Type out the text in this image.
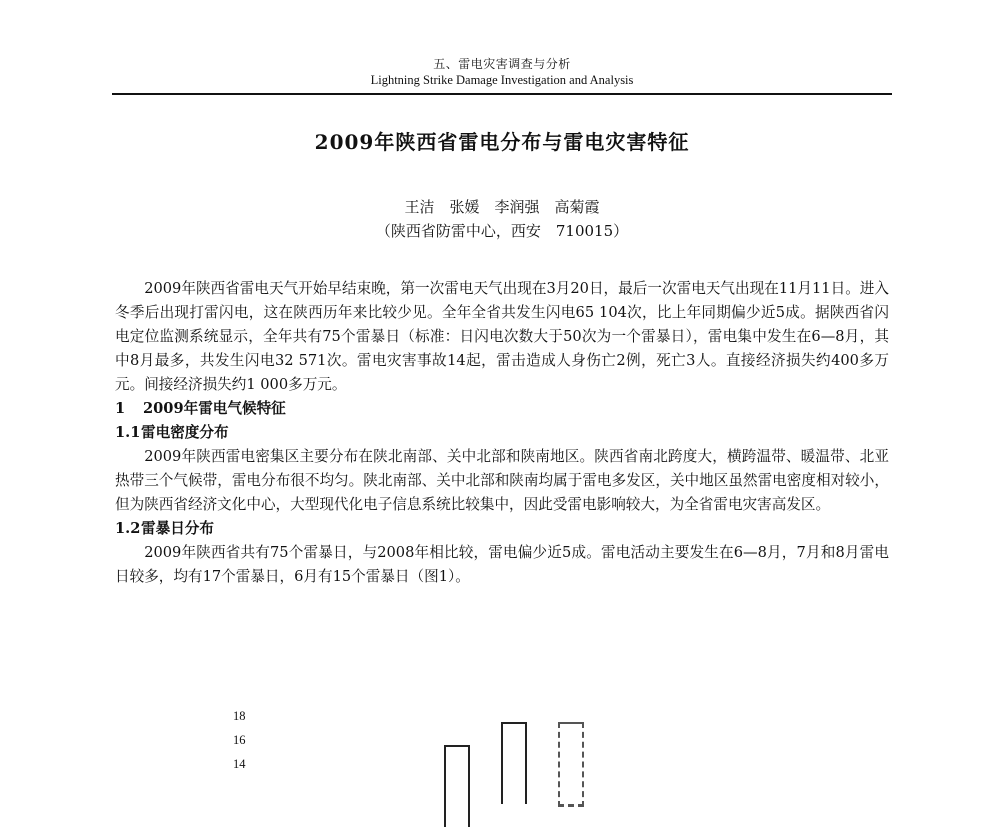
五、雷电灾害调查与分析
Lightning Strike Damage Investigation and Analysis
2009年陕西省雷电分布与雷电灾害特征
王洁　张媛　李润强　高菊霞
（陕西省防雷中心，西安　710015）

2009年陕西省雷电天气开始早结束晚，第一次雷电天气出现在3月20日，最后一次雷电天气出现在11月11日。进入冬季后出现打雷闪电，这在陕西历年来比较少见。全年全省共发生闪电65 104次，比上年同期偏少近5成。据陕西省闪电定位监测系统显示，全年共有75个雷暴日（标准：日闪电次数大于50次为一个雷暴日），雷电集中发生在6—8月，其中8月最多，共发生闪电32 571次。雷电灾害事故14起，雷击造成人身伤亡2例，死亡3人。直接经济损失约400多万元。间接经济损失约1 000多万元。

1 2009年雷电气候特征

1.1雷电密度分布

2009年陕西雷电密集区主要分布在陕北南部、关中北部和陕南地区。陕西省南北跨度大，横跨温带、暖温带、北亚热带三个气候带，雷电分布很不均匀。陕北南部、关中北部和陕南均属于雷电多发区，关中地区虽然雷电密度相对较小，但为陕西省经济文化中心，大型现代化电子信息系统比较集中，因此受雷电影响较大，为全省雷电灾害高发区。

1.2雷暴日分布

2009年陕西省共有75个雷暴日，与2008年相比较，雷电偏少近5成。雷电活动主要发生在6—8月，7月和8月雷电日较多，均有17个雷暴日，6月有15个雷暴日（图1）。

18
16
14
